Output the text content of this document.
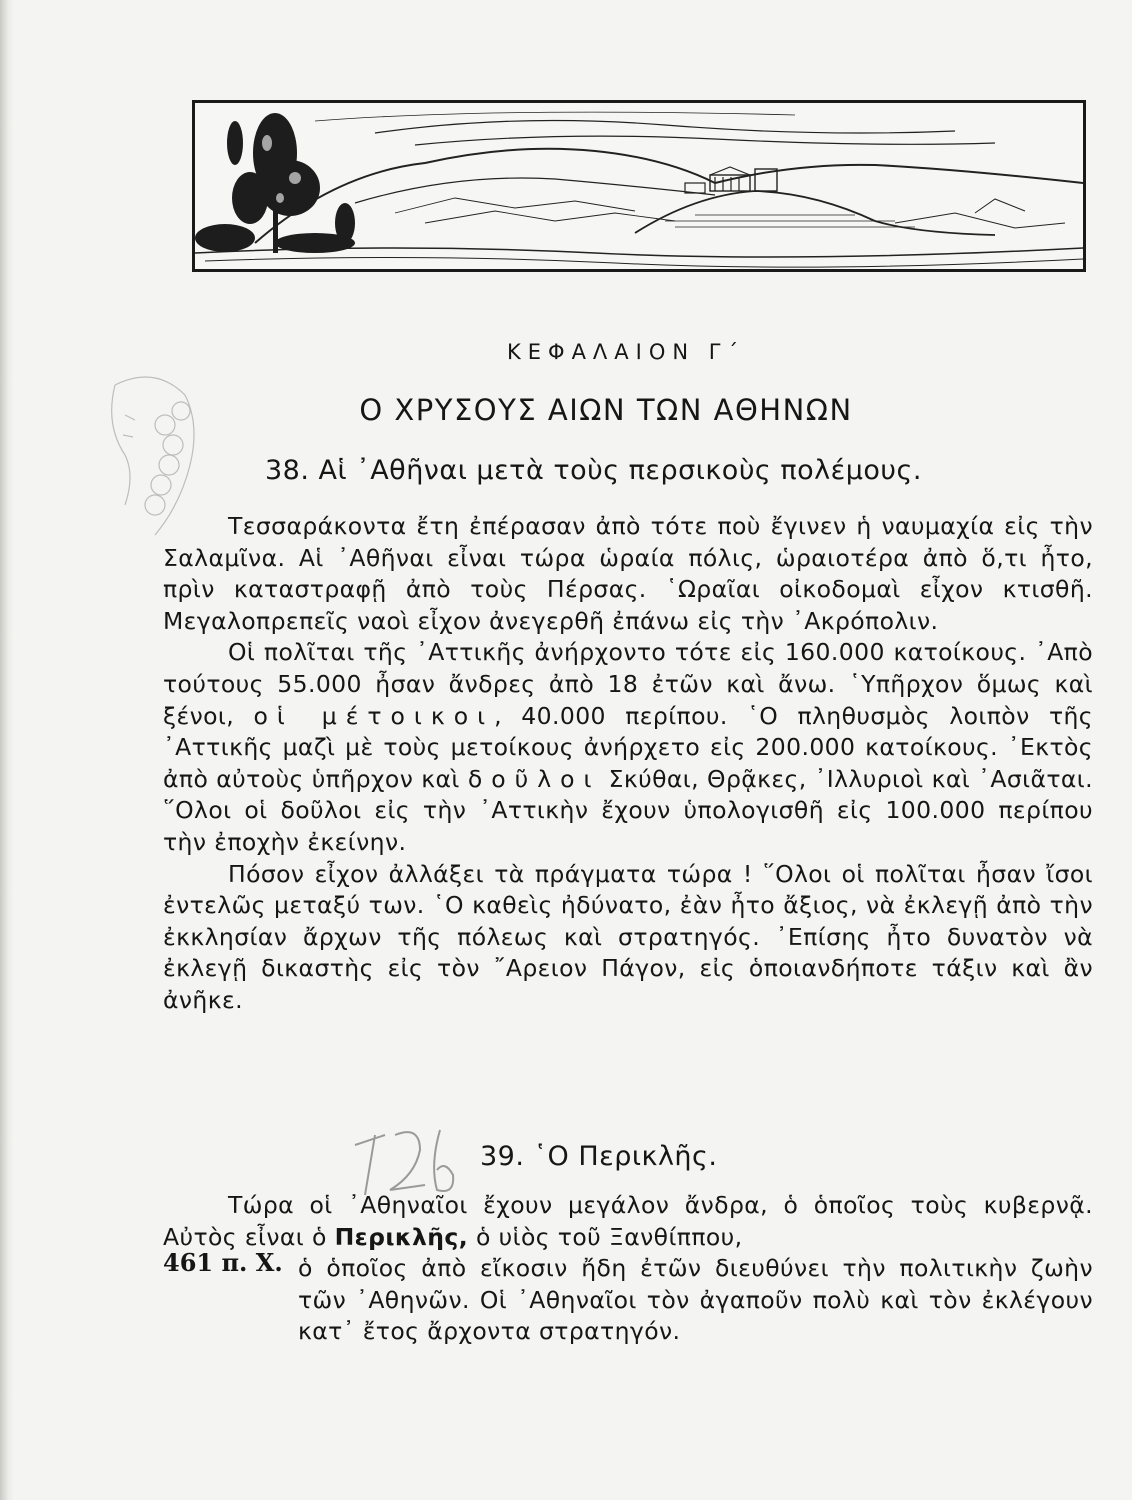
ΚΕΦΑΛΑΙΟΝ Γ΄
Ο ΧΡΥΣΟΥΣ ΑΙΩΝ ΤΩΝ ΑΘΗΝΩΝ
38. Αἱ ᾿Αθῆναι μετὰ τοὺς περσικοὺς πολέμους.

Τεσσαράκοντα ἔτη ἐπέρασαν ἀπὸ τότε ποὺ ἔγινεν ἡ ναυμαχία εἰς τὴν Σαλαμῖνα. Αἱ ᾿Αθῆναι εἶναι τώρα ὡραία πόλις, ὡραιοτέρα ἀπὸ ὅ,τι ἦτο, πρὶν καταστραφῇ ἀπὸ τοὺς Πέρσας. ῾Ωραῖαι οἰκοδομαὶ εἶχον κτισθῆ. Μεγαλοπρεπεῖς ναοὶ εἶχον ἀνεγερθῆ ἐπάνω εἰς τὴν ᾿Ακρόπολιν.

Οἱ πολῖται τῆς ᾿Αττικῆς ἀνήρχοντο τότε εἰς 160.000 κατοίκους. ᾿Απὸ τούτους 55.000 ἦσαν ἄνδρες ἀπὸ 18 ἐτῶν καὶ ἄνω. ῾Υπῆρχον ὅμως καὶ ξένοι, οἱ μέτοικοι, 40.000 περίπου. ῾Ο πληθυσμὸς λοιπὸν τῆς ᾿Αττικῆς μαζὶ μὲ τοὺς μετοίκους ἀνήρχετο εἰς 200.000 κατοίκους. ᾿Εκτὸς ἀπὸ αὐτοὺς ὑπῆρχον καὶ δοῦλοι Σκύθαι, Θρᾷκες, ᾿Ιλλυριοὶ καὶ ᾿Ασιᾶται. ῞Ολοι οἱ δοῦλοι εἰς τὴν ᾿Αττικὴν ἔχουν ὑπολογισθῆ εἰς 100.000 περίπου τὴν ἐποχὴν ἐκείνην.

Πόσον εἶχον ἀλλάξει τὰ πράγματα τώρα ! ῞Ολοι οἱ πολῖται ἦσαν ἴσοι ἐντελῶς μεταξύ των. ῾Ο καθεὶς ἠδύνατο, ἐὰν ἦτο ἄξιος, νὰ ἐκλεγῇ ἀπὸ τὴν ἐκκλησίαν ἄρχων τῆς πόλεως καὶ στρατηγός. ᾿Επίσης ἦτο δυνατὸν νὰ ἐκλεγῇ δικαστὴς εἰς τὸν ῎Αρειον Πάγον, εἰς ὁποιανδήποτε τάξιν καὶ ἂν ἀνῆκε.

39. ῾Ο Περικλῆς.

Τώρα οἱ ᾿Αθηναῖοι ἔχουν μεγάλον ἄνδρα, ὁ ὁποῖος τοὺς κυβερνᾷ. Αὐτὸς εἶναι ὁ Περικλῆς, ὁ υἱὸς τοῦ Ξανθίππου,

ὁ ὁποῖος ἀπὸ εἴκοσιν ἤδη ἐτῶν διευθύνει τὴν πολιτικὴν ζωὴν τῶν ᾿Αθηνῶν. Οἱ ᾿Αθηναῖοι τὸν ἀγαποῦν πολὺ καὶ τὸν ἐκλέγουν κατ᾿ ἔτος ἄρχοντα στρατηγόν.

461 π. Χ.
